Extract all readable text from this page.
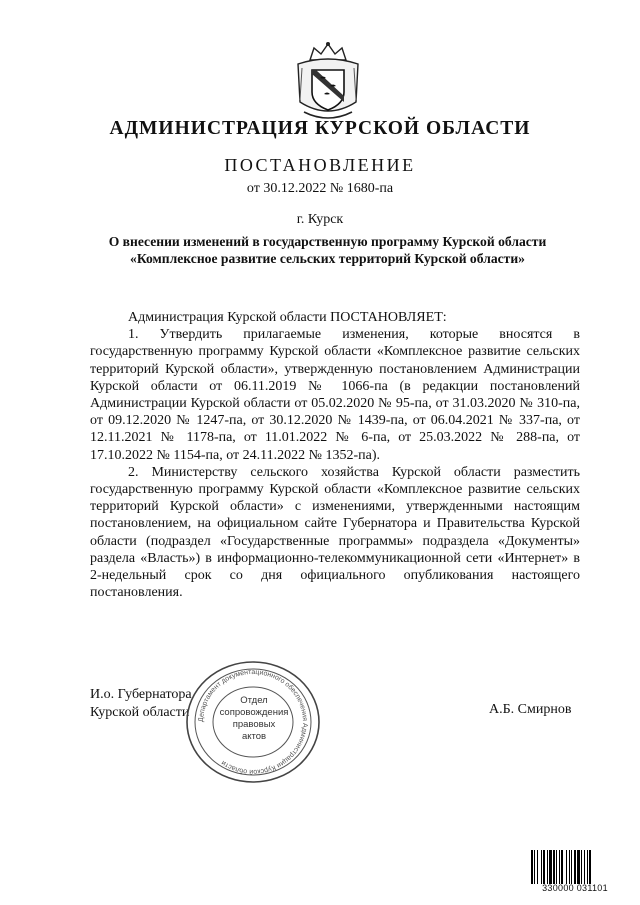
АДМИНИСТРАЦИЯ КУРСКОЙ ОБЛАСТИ
ПОСТАНОВЛЕНИЕ
от 30.12.2022 № 1680-па
г. Курск
О внесении изменений в государственную программу Курской области
«Комплексное развитие сельских территорий Курской области»

Администрация Курской области ПОСТАНОВЛЯЕТ:

1. Утвердить прилагаемые изменения, которые вносятся в государственную программу Курской области «Комплексное развитие сельских территорий Курской области», утвержденную постановлением Администрации Курской области от 06.11.2019 № 1066-па (в редакции постановлений Администрации Курской области от 05.02.2020 № 95-па, от 31.03.2020 № 310-па, от 09.12.2020 № 1247-па, от 30.12.2020 № 1439-па, от 06.04.2021 № 337-па, от 12.11.2021 № 1178-па, от 11.01.2022 № 6-па, от 25.03.2022 № 288-па, от 17.10.2022 № 1154-па, от 24.11.2022 № 1352-па).

2. Министерству сельского хозяйства Курской области разместить государственную программу Курской области «Комплексное развитие сельских территорий Курской области» с изменениями, утвержденными настоящим постановлением, на официальном сайте Губернатора и Правительства Курской области (подраздел «Государственные программы» подраздела «Документы» раздела «Власть») в информационно-телекоммуникационной сети «Интернет» в 2-недельный срок со дня официального опубликования настоящего постановления.

И.о. Губернатора
Курской области	А.Б. Смирнов
Департамент документационного обеспечения Администрации Курской области
Отдел
сопровождения
правовых
актов
330000 031101
